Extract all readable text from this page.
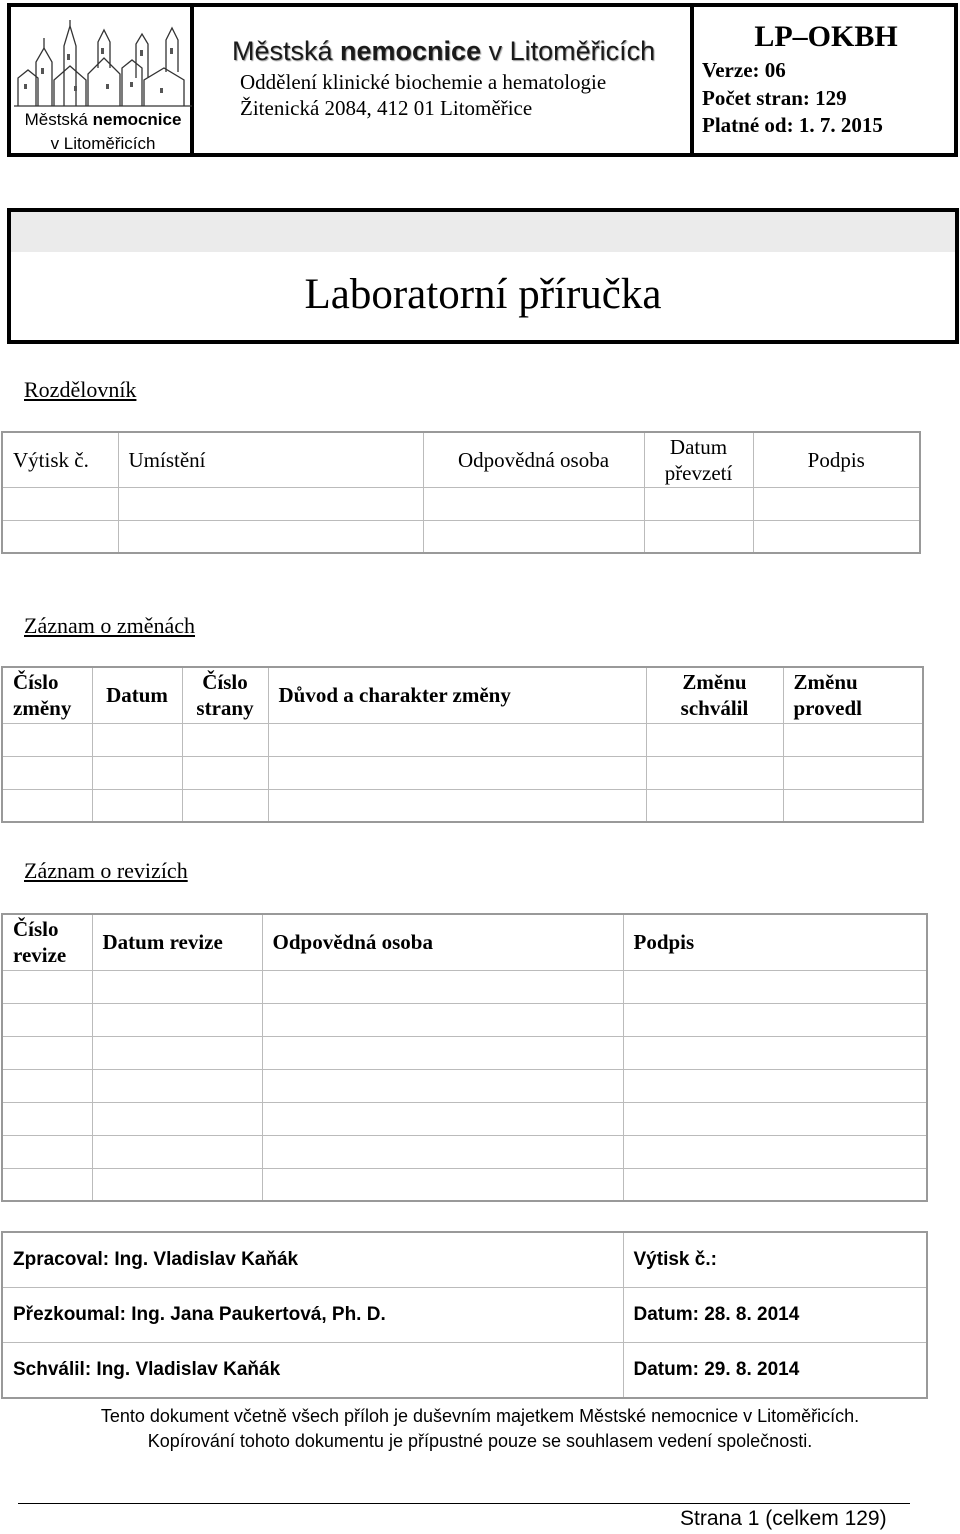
Městská nemocnice
v Litoměřicích
Městská nemocnice v Litoměřicích
Oddělení klinické biochemie a hematologie
Žitenická 2084, 412 01 Litoměřice
LP–OKBH
Verze: 06
Počet stran: 129
Platné od: 1. 7. 2015
Laboratorní příručka
Rozdělovník
Výtisk č.	Umístění	Odpovědná osoba	Datum převzetí	Podpis

Záznam o změnách
Číslo změny	Datum	Číslo strany	Důvod a charakter změny	Změnu schválil	Změnu provedl

Záznam o revizích
Číslo revize	Datum revize	Odpovědná osoba	Podpis

Zpracoval: Ing. Vladislav Kaňák	Výtisk č.:
Přezkoumal: Ing. Jana Paukertová, Ph. D.	Datum: 28. 8. 2014
Schválil: Ing. Vladislav Kaňák	Datum: 29. 8. 2014
Tento dokument včetně všech příloh je duševním majetkem Městské nemocnice v Litoměřicích.
Kopírování tohoto dokumentu je přípustné pouze se souhlasem vedení společnosti.
Strana 1 (celkem 129)
